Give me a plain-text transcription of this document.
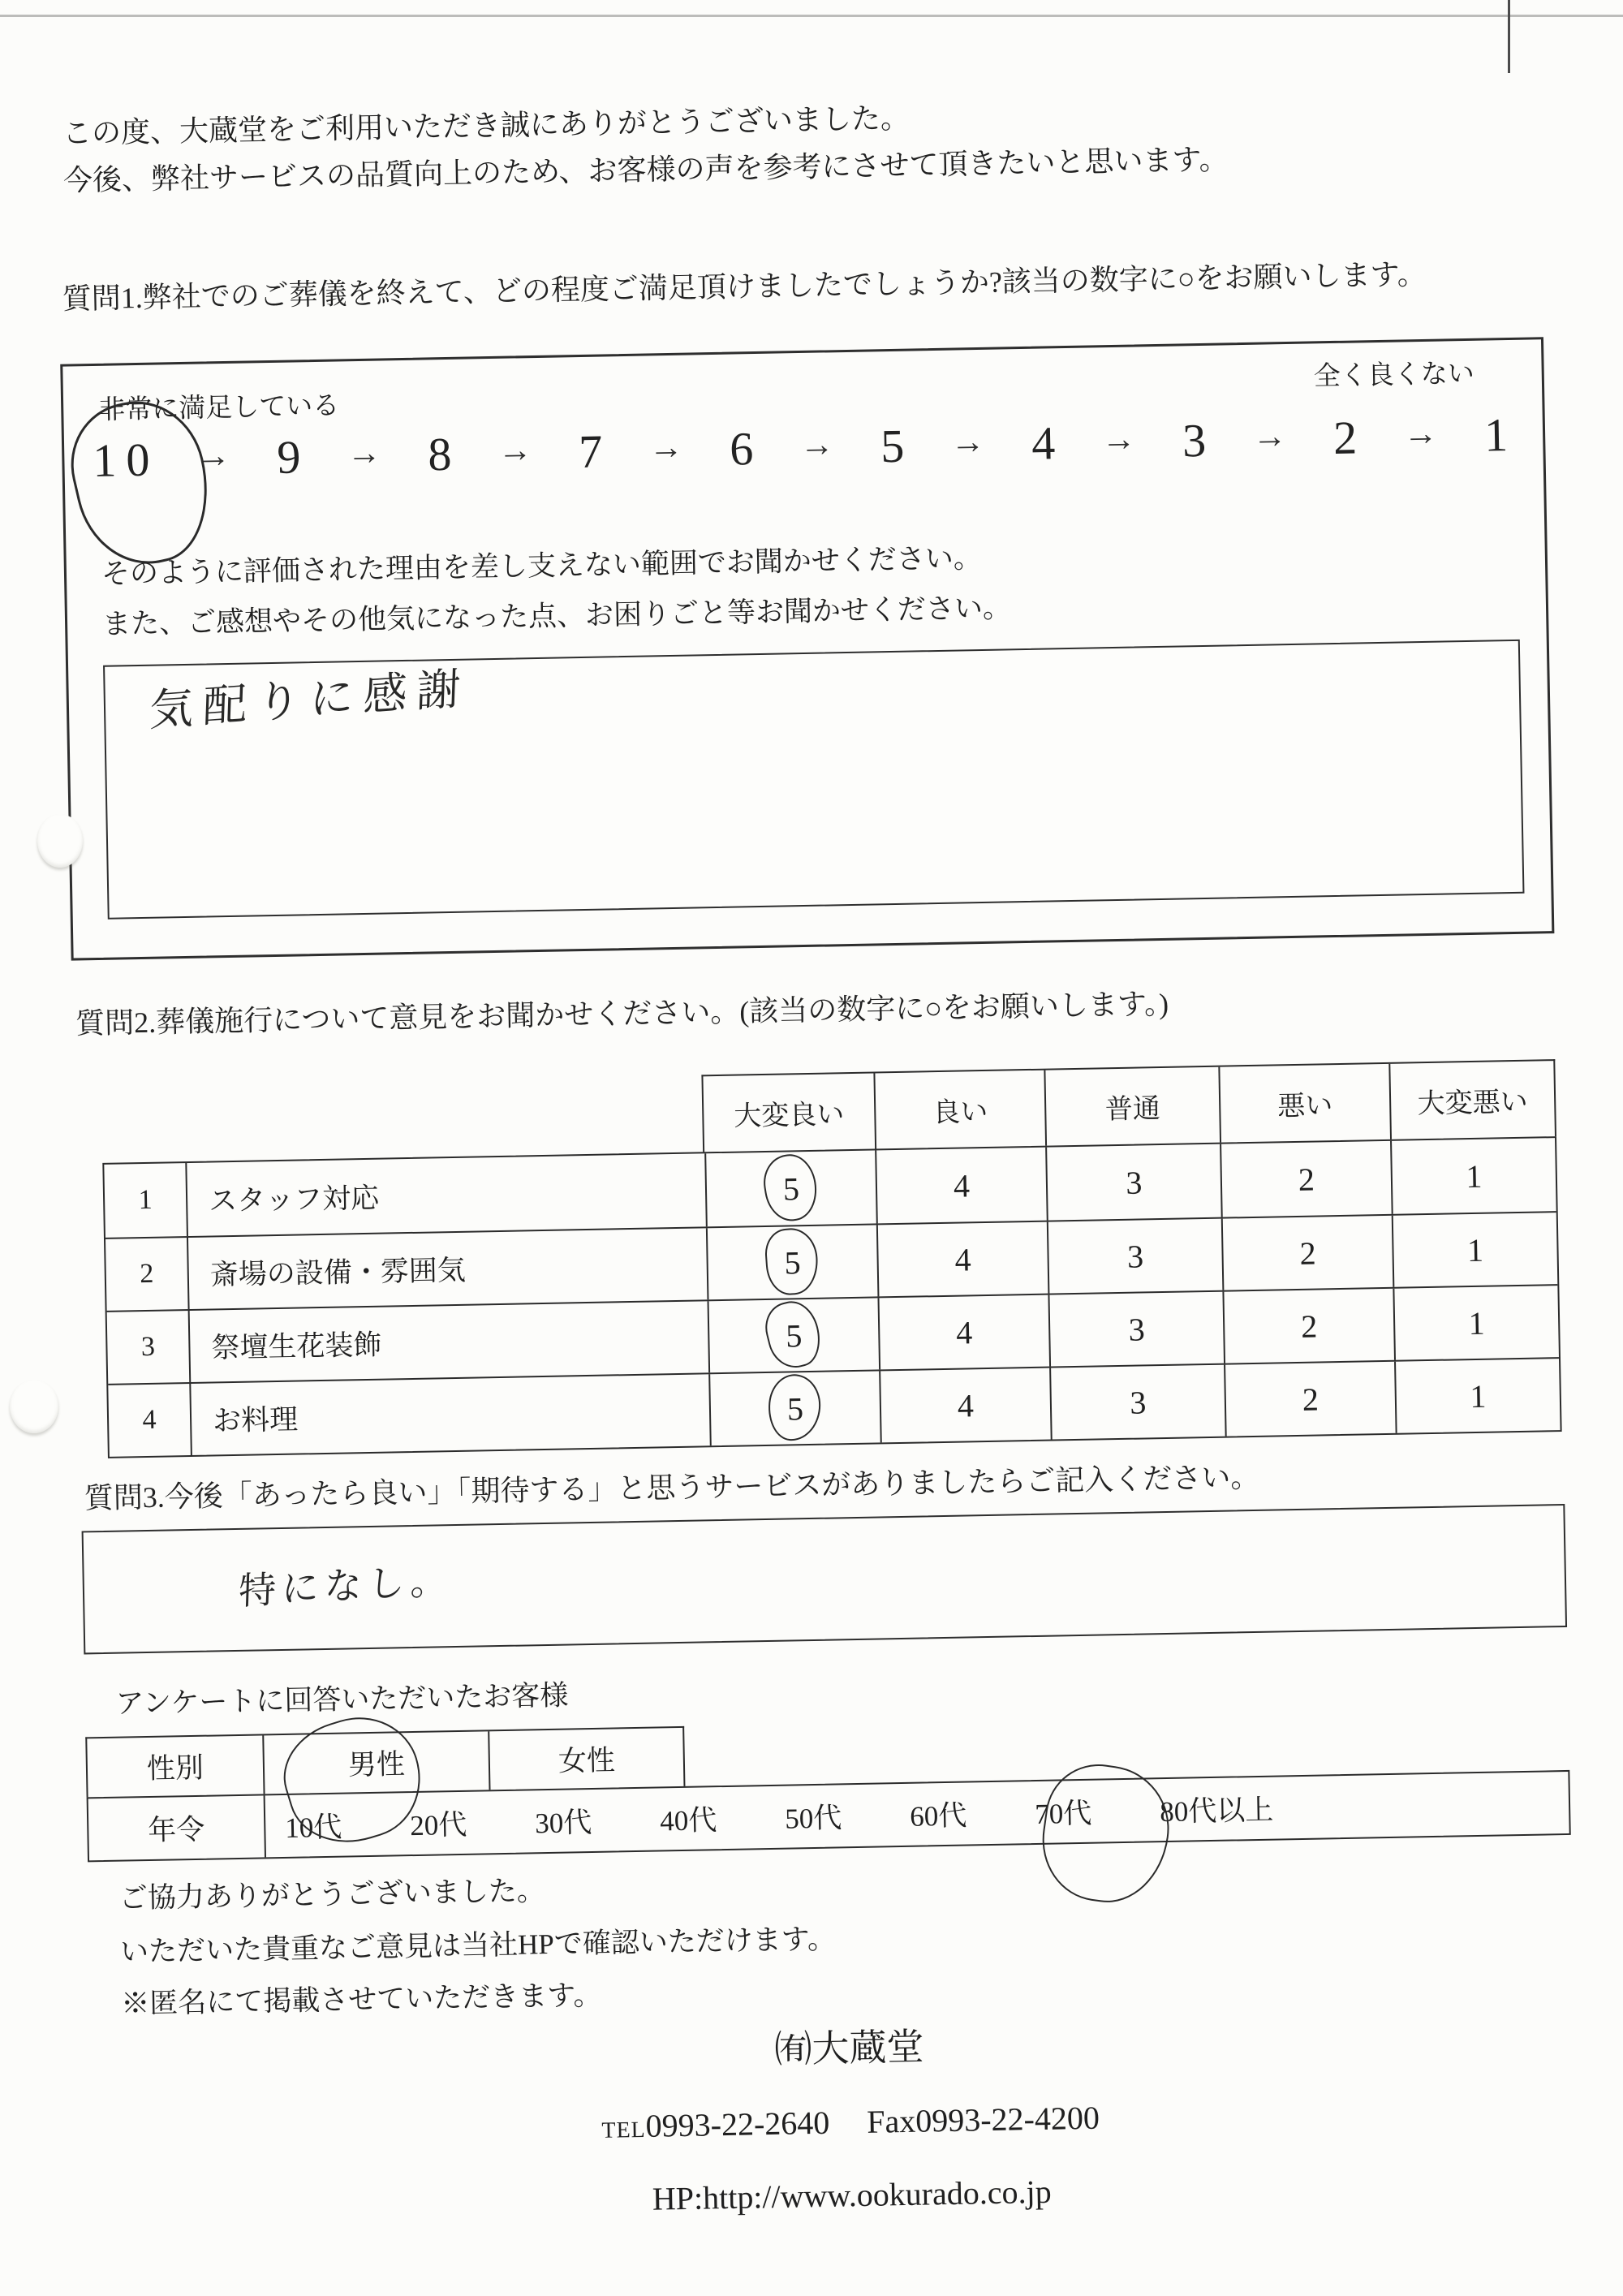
この度、大蔵堂をご利用いただき誠にありがとうございました。
今後、弊社サービスの品質向上のため、お客様の声を参考にさせて頂きたいと思います。
質問1.弊社でのご葬儀を終えて、どの程度ご満足頂けましたでしょうか?該当の数字に○をお願いします。
非常に満足している
全く良くない
10 → 9 → 8 → 7 → 6 → 5 → 4 → 3 → 2 → 1
そのように評価された理由を差し支えない範囲でお聞かせください。
また、ご感想やその他気になった点、お困りごと等お聞かせください。
気配りに感謝
質問2.葬儀施行について意見をお聞かせください。(該当の数字に○をお願いします。)
大変良い	良い	普通	悪い	大変悪い
1	スタッフ対応	5	4	3	2	1
2	斎場の設備・雰囲気	5	4	3	2	1
3	祭壇生花装飾	5	4	3	2	1
4	お料理	5	4	3	2	1
質問3.今後「あったら良い」「期待する」と思うサービスがありましたらご記入ください。
特になし。
アンケートに回答いただいたお客様
性別	男性	女性
年令	10代 20代 30代 40代 50代 60代 70代 80代以上
ご協力ありがとうございました。
いただいた貴重なご意見は当社HPで確認いただけます。
※匿名にて掲載させていただきます。
㈲大蔵堂
TEL0993-22-2640 Fax0993-22-4200
HP:http://www.ookurado.co.jp
